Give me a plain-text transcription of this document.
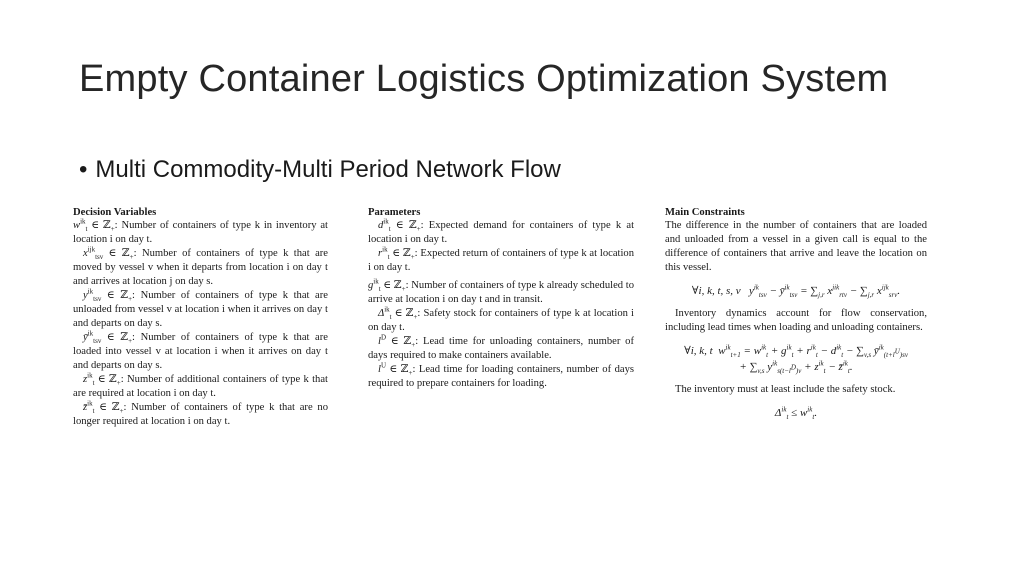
Empty Container Logistics Optimization System
• Multi Commodity-Multi Period Network Flow
Decision Variables

$w^{ik}_t$ ∈ ℤ$_+$: Number of containers of type k in inventory at location i on day t.

$x^{ijk}_{tsv}$ ∈ ℤ$_+$: Number of containers of type k that are moved by vessel v when it departs from location i on day t and arrives at location j on day s.

$y^{ik}_{tsv}$ ∈ ℤ$_+$: Number of containers of type k that are unloaded from vessel v at location i when it arrives on day t and departs on day s.

$ȳ^{ik}_{tsv}$ ∈ ℤ$_+$: Number of containers of type k that are loaded into vessel v at location i when it arrives on day t and departs on day s.

$z^{ik}_t$ ∈ ℤ$_+$: Number of additional containers of type k that are required at location i on day t.

z̄$^{ik}_t$ ∈ ℤ$_+$: Number of containers of type k that are no longer required at location i on day t.

Parameters

$d^{ik}_t$ ∈ ℤ$_+$: Expected demand for containers of type k at location i on day t.

$r^{ik}_t$ ∈ ℤ$_+$: Expected return of containers of type k at location i on day t.

$g^{ik}_t$ ∈ ℤ$_+$: Number of containers of type k already scheduled to arrive at location i on day t and in transit.

$\Delta^{ik}_t$ ∈ ℤ$_+$: Safety stock for containers of type k at location i on day t.

$l^D$ ∈ ℤ$_+$: Lead time for unloading containers, number of days required to make containers available.

$l^U$ ∈ ℤ$_+$: Lead time for loading containers, number of days required to prepare containers for loading.

Main Constraints

The difference in the number of containers that are loaded and unloaded from a vessel in a given call is equal to the difference of containers that arrive and leave the location on this vessel.

∀i, k, t, s, v $y^{ik}_{tsv}$ − $ȳ^{ik}_{tsv} = \sum_{j,r}$ $x^{jik}_{rtv} - \sum_{j,r}$ $x^{ijk}_{srv}$.

Inventory dynamics account for flow conservation, including lead times when loading and unloading containers.

∀i, k, t $w^{ik}_{t+1} = w^{ik}_t + g^{ik}_t + r^{ik}_t - d^{ik}_t - \sum_{v,s}$ $ȳ^{ik}_{(t+l^U)sv}$
+ $\sum_{v,s}$ $y^{ik}_{s(t-l^D)v} + z^{ik}_t$ − z̄$^{ik}_t$.

The inventory must at least include the safety stock.

$\Delta^{ik}_t \le w^{ik}_t$.
